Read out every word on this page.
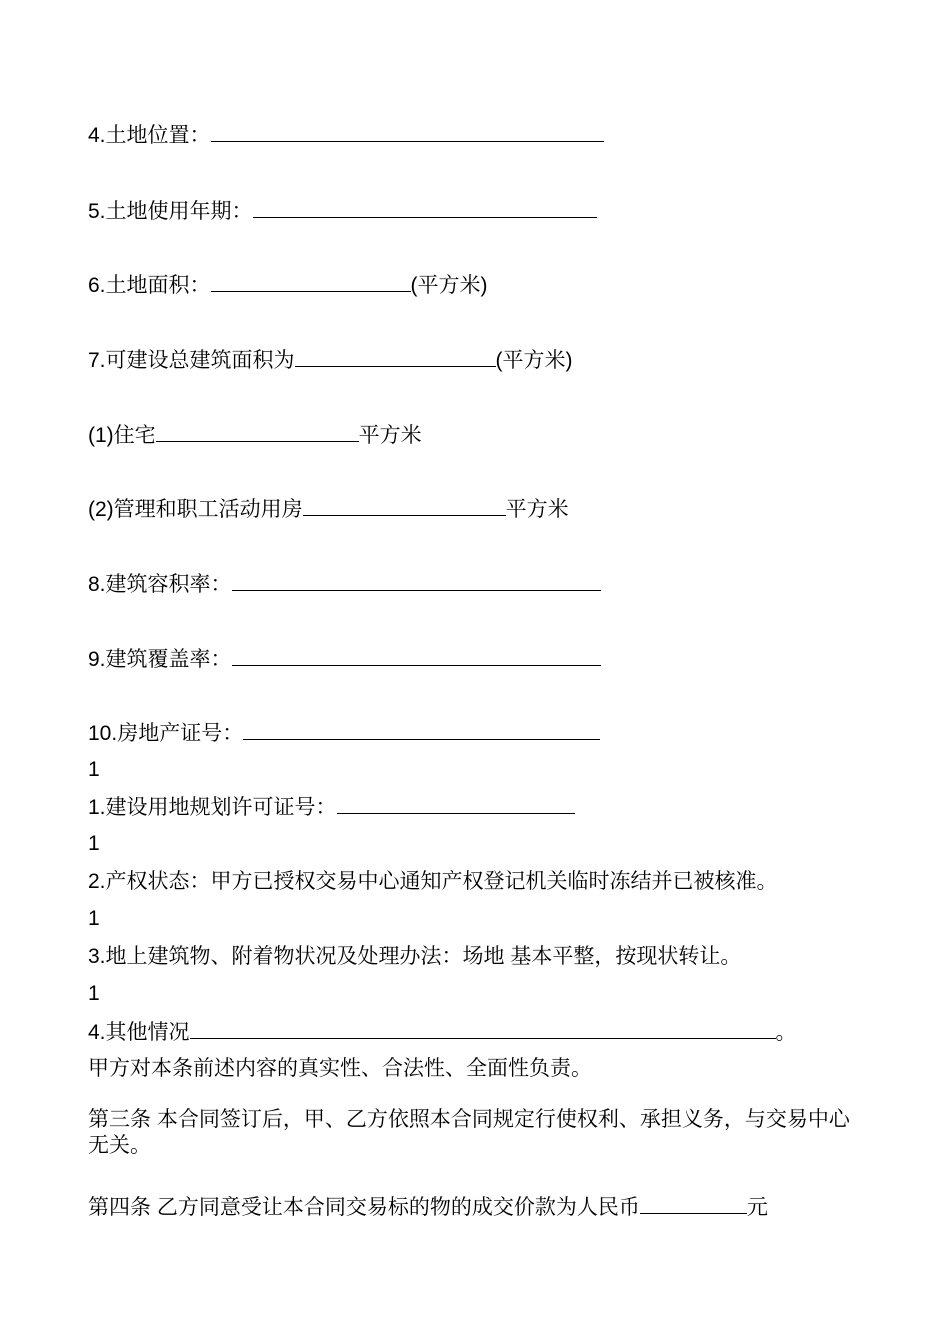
4.土地位置：
5.土地使用年期：
6.土地面积：	(平方米)
7.可建设总建筑面积为	(平方米)
(1)住宅	平方米
(2)管理和职工活动用房	平方米
8.建筑容积率：
9.建筑覆盖率：
10.房地产证号：
1
1.建设用地规划许可证号：
1
2.产权状态：甲方已授权交易中心通知产权登记机关临时冻结并已被核准。
1
3.地上建筑物、附着物状况及处理办法：场地 基本平整，按现状转让。
1
4.其他情况	。
甲方对本条前述内容的真实性、合法性、全面性负责。
第三条 本合同签订后，甲、乙方依照本合同规定行使权利、承担义务，与交易中心无关。
第四条 乙方同意受让本合同交易标的物的成交价款为人民币	元
